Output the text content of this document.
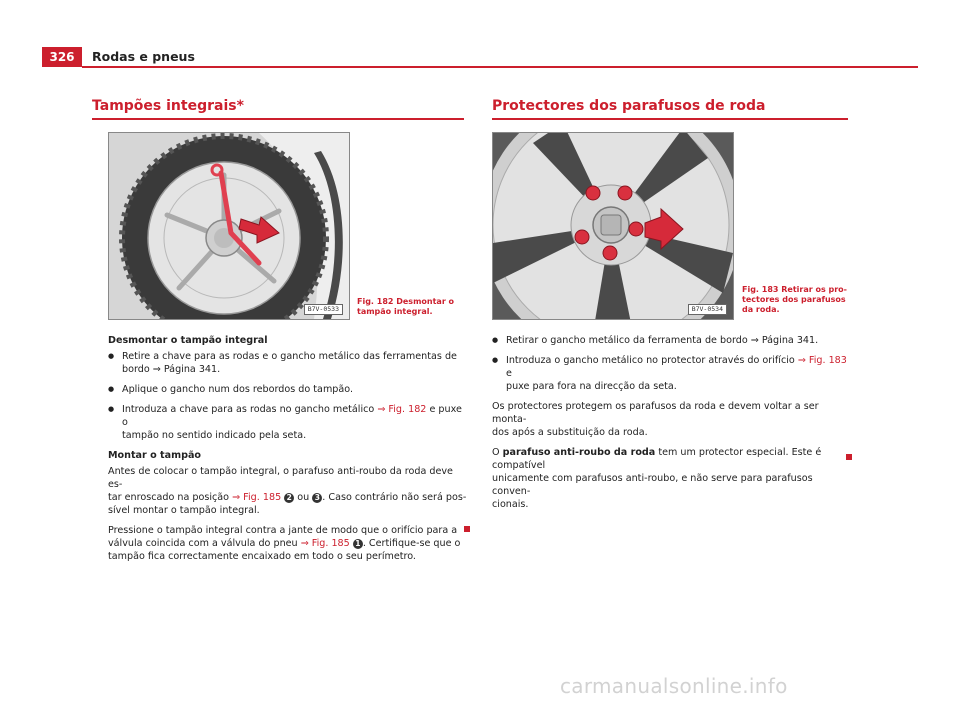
326	Rodas e pneus
Tampões integrais*
B7V-0533
Fig. 182 Desmontar o
tampão integral.

Desmontar o tampão integral

● Retire a chave para as rodas e o gancho metálico das ferramentas de
bordo ⇒ Página 341.

● Aplique o gancho num dos rebordos do tampão.

● Introduza a chave para as rodas no gancho metálico ⇒ Fig. 182 e puxe o
tampão no sentido indicado pela seta.

Montar o tampão

Antes de colocar o tampão integral, o parafuso anti-roubo da roda deve es-
tar enroscado na posição ⇒ Fig. 185 2 ou 3 . Caso contrário não será pos-
sível montar o tampão integral.

Pressione o tampão integral contra a jante de modo que o orifício para a
válvula coincida com a válvula do pneu ⇒ Fig. 185 1 . Certifique-se que o
tampão fica correctamente encaixado em todo o seu perímetro.

Protectores dos parafusos de roda
B7V-0534
Fig. 183 Retirar os pro-
tectores dos parafusos
da roda.

● Retirar o gancho metálico da ferramenta de bordo ⇒ Página 341.

● Introduza o gancho metálico no protector através do orifício ⇒ Fig. 183 e
puxe para fora na direcção da seta.

Os protectores protegem os parafusos da roda e devem voltar a ser monta-
dos após a substituição da roda.

O parafuso anti-roubo da roda tem um protector especial. Este é compatível
unicamente com parafusos anti-roubo, e não serve para parafusos conven-
cionais.

carmanualsonline.info
